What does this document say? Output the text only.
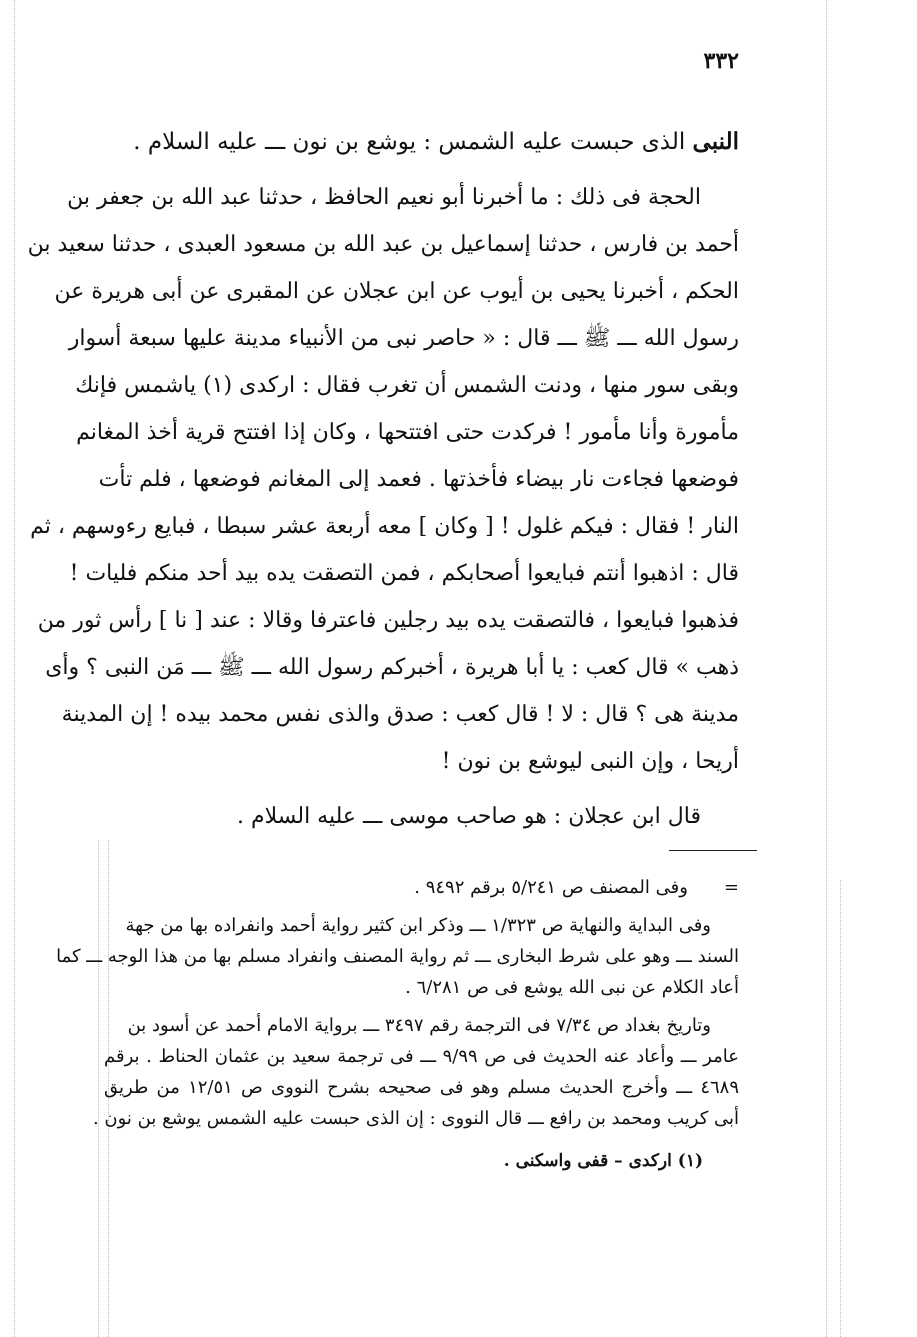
٣٣٢
النبى الذى حبست عليه الشمس : يوشع بن نون ـــ عليه السلام .
الحجة فى ذلك : ما أخبرنا أبو نعيم الحافظ ، حدثنا عبد الله بن جعفر بن
أحمد بن فارس ، حدثنا إسماعيل بن عبد الله بن مسعود العبدى ، حدثنا سعيد بن
الحكم ، أخبرنا يحيى بن أيوب عن ابن عجلان عن المقبرى عن أبى هريرة عن
رسول الله ـــ ﷺ ـــ قال : « حاصر نبى من الأنبياء مدينة عليها سبعة أسوار
وبقى سور منها ، ودنت الشمس أن تغرب فقال : اركدى (١) ياشمس فإنك
مأمورة وأنا مأمور ! فركدت حتى افتتحها ، وكان إذا افتتح قرية أخذ المغانم
فوضعها فجاءت نار بيضاء فأخذتها . فعمد إلى المغانم فوضعها ، فلم تأت
النار ! فقال : فيكم غلول ! [ وكان ] معه أربعة عشر سبطا ، فبايع رءوسهم ، ثم
قال : اذهبوا أنتم فبايعوا أصحابكم ، فمن التصقت يده بيد أحد منكم فليات !
فذهبوا فبايعوا ، فالتصقت يده بيد رجلين فاعترفا وقالا : عند [ نا ] رأس ثور من
ذهب » قال كعب : يا أبا هريرة ، أخبركم رسول الله ـــ ﷺ ـــ مَن النبى ؟ وأى
مدينة هى ؟ قال : لا ! قال كعب : صدق والذى نفس محمد بيده ! إن المدينة
أريحا ، وإن النبى ليوشع بن نون !
قال ابن عجلان : هو صاحب موسى ـــ عليه السلام .
=وفى المصنف ص ٥/٢٤١ برقم ٩٤٩٢ .
وفى البداية والنهاية ص ١/٣٢٣ ـــ وذكر ابن كثير رواية أحمد وانفراده بها من جهة
السند ـــ وهو على شرط البخارى ـــ ثم رواية المصنف وانفراد مسلم بها من هذا الوجه ـــ كما
أعاد الكلام عن نبى الله يوشع فى ص ٦/٢٨١ .
وتاريخ بغداد ص ٧/٣٤ فى الترجمة رقم ٣٤٩٧ ـــ برواية الامام أحمد عن أسود بن
عامر ـــ وأعاد عنه الحديث فى ص ٩/٩٩ ـــ فى ترجمة سعيد بن عثمان الحناط . برقم
٤٦٨٩ ـــ وأخرج الحديث مسلم وهو فى صحيحه بشرح النووى ص ١٢/٥١ من طريق
أبى كريب ومحمد بن رافع ـــ قال النووى : إن الذى حبست عليه الشمس يوشع بن نون .
(١) اركدى – قفى واسكنى .
